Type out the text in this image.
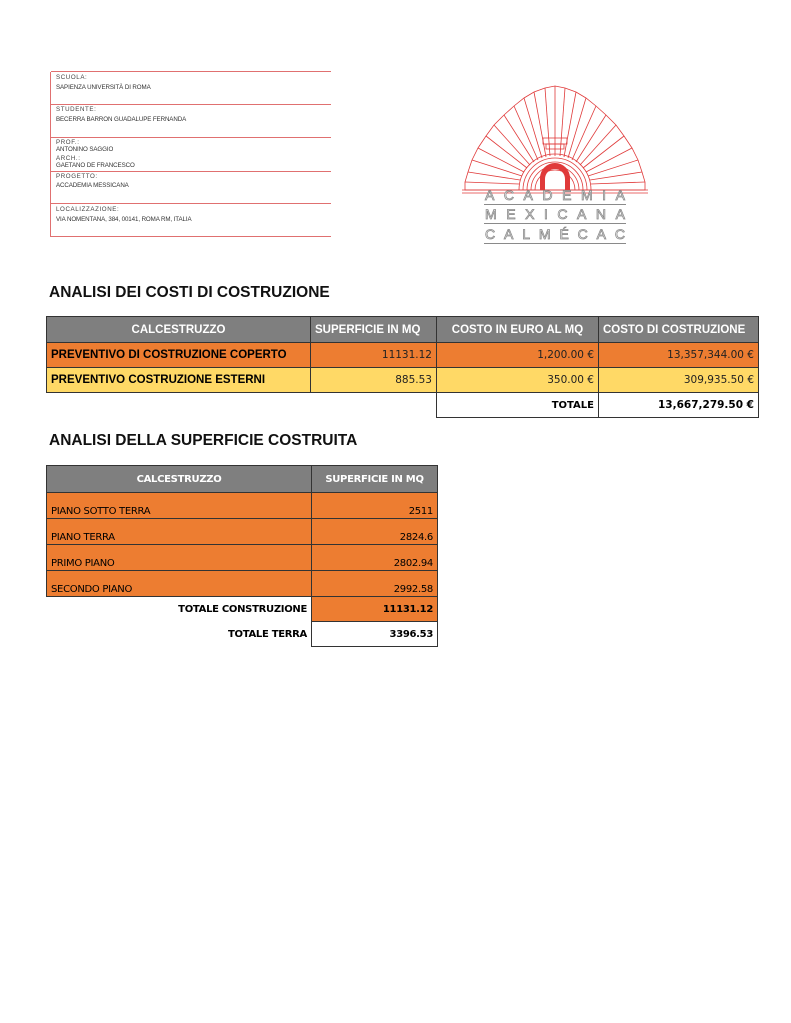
SCUOLA:
SAPIENZA UNIVERSITÀ DI ROMA
STUDENTE:
BECERRA BARRON GUADALUPE FERNANDA
PROF.:
ANTONINO SAGGIO
ARCH.:
GAETANO DE FRANCESCO
PROGETTO:
ACCADEMIA MESSICANA
LOCALIZZAZIONE:
VIA NOMENTANA, 384, 00141, ROMA RM, ITALIA
A C A D E M I A
M E X I C A N A
C A L M É C A C
ANALISI DEI COSTI DI COSTRUZIONE
CALCESTRUZZO	SUPERFICIE IN MQ	COSTO IN EURO AL MQ	COSTO DI COSTRUZIONE
PREVENTIVO DI COSTRUZIONE COPERTO	11131.12	1,200.00 €	13,357,344.00 €
PREVENTIVO COSTRUZIONE ESTERNI	885.53	350.00 €	309,935.50 €
		TOTALE	13,667,279.50 €
ANALISI DELLA SUPERFICIE COSTRUITA
CALCESTRUZZO	SUPERFICIE IN MQ
PIANO SOTTO TERRA	2511
PIANO TERRA	2824.6
PRIMO PIANO	2802.94
SECONDO PIANO	2992.58
TOTALE CONSTRUZIONE	11131.12
TOTALE TERRA	3396.53
